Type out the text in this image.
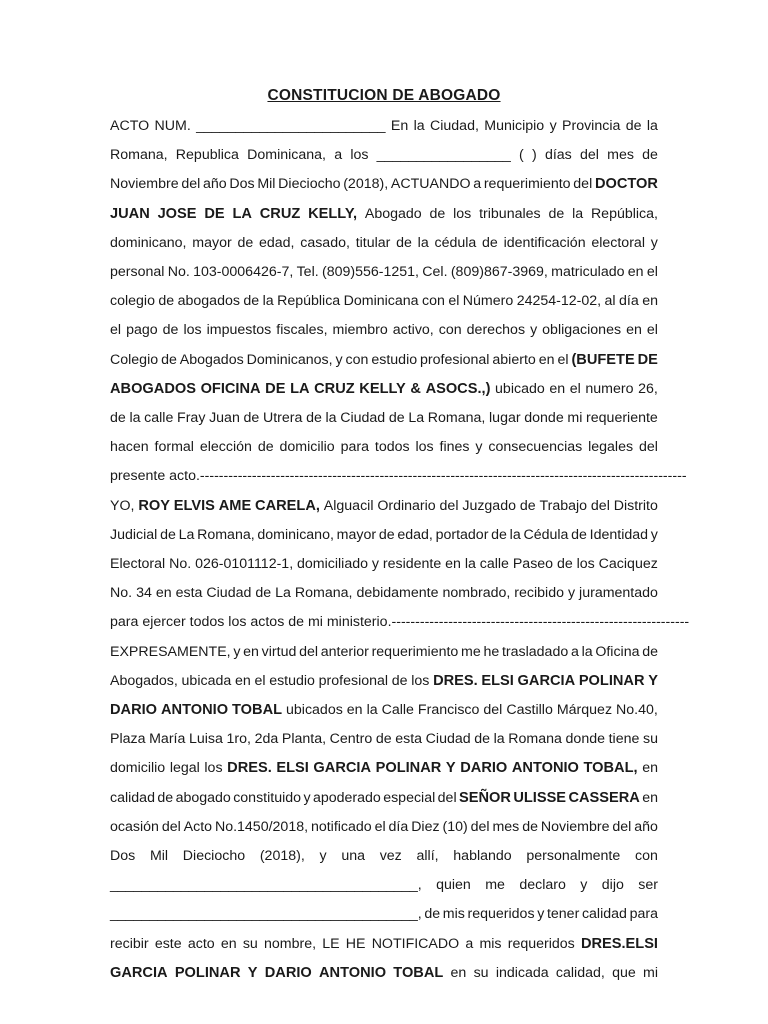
CONSTITUCION DE ABOGADO
ACTO NUM. ________________________ En la Ciudad, Municipio y Provincia de la
Romana, Republica Dominicana, a los _________________ ( ) días del mes de
Noviembre del año Dos Mil Dieciocho (2018), ACTUANDO a requerimiento del DOCTOR
JUAN JOSE DE LA CRUZ KELLY, Abogado de los tribunales de la República,
dominicano, mayor de edad, casado, titular de la cédula de identificación electoral y
personal No. 103-0006426-7, Tel. (809)556-1251, Cel. (809)867-3969, matriculado en el
colegio de abogados de la República Dominicana con el Número 24254-12-02, al día en
el pago de los impuestos fiscales, miembro activo, con derechos y obligaciones en el
Colegio de Abogados Dominicanos, y con estudio profesional abierto en el (BUFETE DE
ABOGADOS OFICINA DE LA CRUZ KELLY & ASOCS.,) ubicado en el numero 26,
de la calle Fray Juan de Utrera de la Ciudad de La Romana, lugar donde mi requeriente
hacen formal elección de domicilio para todos los fines y consecuencias legales del
presente acto.-------------------------------------------------------------------------------------------------------
YO, ROY ELVIS AME CARELA, Alguacil Ordinario del Juzgado de Trabajo del Distrito
Judicial de La Romana, dominicano, mayor de edad, portador de la Cédula de Identidad y
Electoral No. 026-0101112-1, domiciliado y residente en la calle Paseo de los Caciquez
No. 34 en esta Ciudad de La Romana, debidamente nombrado, recibido y juramentado
para ejercer todos los actos de mi ministerio.---------------------------------------------------------------
EXPRESAMENTE, y en virtud del anterior requerimiento me he trasladado a la Oficina de
Abogados, ubicada en el estudio profesional de los DRES. ELSI GARCIA POLINAR Y
DARIO ANTONIO TOBAL ubicados en la Calle Francisco del Castillo Márquez No.40,
Plaza María Luisa 1ro, 2da Planta, Centro de esta Ciudad de la Romana donde tiene su
domicilio legal los DRES. ELSI GARCIA POLINAR Y DARIO ANTONIO TOBAL, en
calidad de abogado constituido y apoderado especial del SEÑOR ULISSE CASSERA en
ocasión del Acto No.1450/2018, notificado el día Diez (10) del mes de Noviembre del año
Dos Mil Dieciocho (2018), y una vez allí, hablando personalmente con
_______________________________________, quien me declaro y dijo ser
_______________________________________, de mis requeridos y tener calidad para
recibir este acto en su nombre, LE HE NOTIFICADO a mis requeridos DRES.ELSI
GARCIA POLINAR Y DARIO ANTONIO TOBAL en su indicada calidad, que mi
